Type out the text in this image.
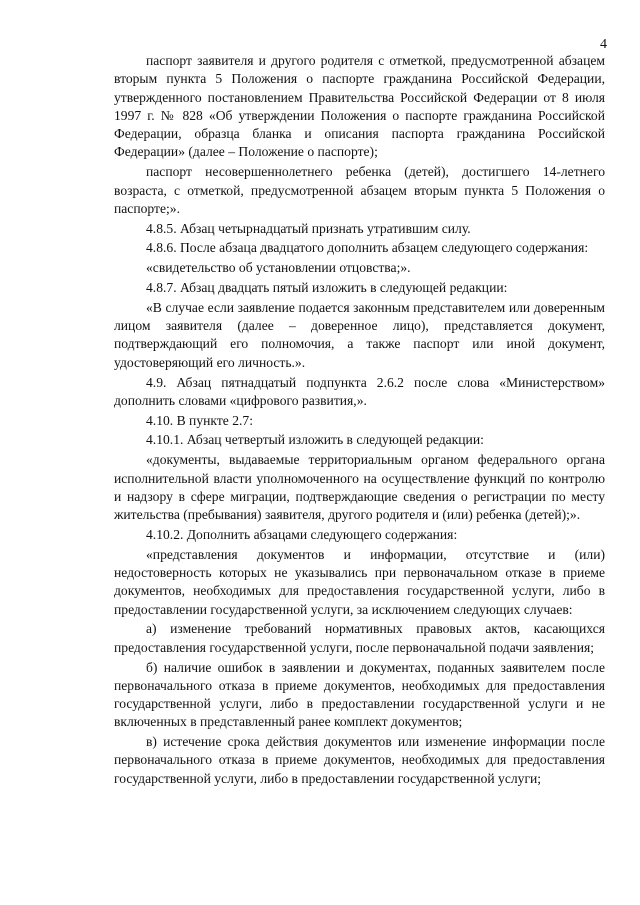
4

паспорт заявителя и другого родителя с отметкой, предусмотренной абзацем вторым пункта 5 Положения о паспорте гражданина Российской Федерации, утвержденного постановлением Правительства Российской Федерации от 8 июля 1997 г. № 828 «Об утверждении Положения о паспорте гражданина Российской Федерации, образца бланка и описания паспорта гражданина Российской Федерации» (далее – Положение о паспорте);

паспорт несовершеннолетнего ребенка (детей), достигшего 14-летнего возраста, с отметкой, предусмотренной абзацем вторым пункта 5 Положения о паспорте;».

4.8.5. Абзац четырнадцатый признать утратившим силу.

4.8.6. После абзаца двадцатого дополнить абзацем следующего содержания:

«свидетельство об установлении отцовства;».

4.8.7. Абзац двадцать пятый изложить в следующей редакции:

«В случае если заявление подается законным представителем или доверенным лицом заявителя (далее – доверенное лицо), представляется документ, подтверждающий его полномочия, а также паспорт или иной документ, удостоверяющий его личность.».

4.9. Абзац пятнадцатый подпункта 2.6.2 после слова «Министерством» дополнить словами «цифрового развития,».

4.10. В пункте 2.7:

4.10.1. Абзац четвертый изложить в следующей редакции:

«документы, выдаваемые территориальным органом федерального органа исполнительной власти уполномоченного на осуществление функций по контролю и надзору в сфере миграции, подтверждающие сведения о регистрации по месту жительства (пребывания) заявителя, другого родителя и (или) ребенка (детей);».

4.10.2. Дополнить абзацами следующего содержания:

«представления документов и информации, отсутствие и (или) недостоверность которых не указывались при первоначальном отказе в приеме документов, необходимых для предоставления государственной услуги, либо в предоставлении государственной услуги, за исключением следующих случаев:

а) изменение требований нормативных правовых актов, касающихся предоставления государственной услуги, после первоначальной подачи заявления;

б) наличие ошибок в заявлении и документах, поданных заявителем после первоначального отказа в приеме документов, необходимых для предоставления государственной услуги, либо в предоставлении государственной услуги и не включенных в представленный ранее комплект документов;

в) истечение срока действия документов или изменение информации после первоначального отказа в приеме документов, необходимых для предоставления государственной услуги, либо в предоставлении государственной услуги;
